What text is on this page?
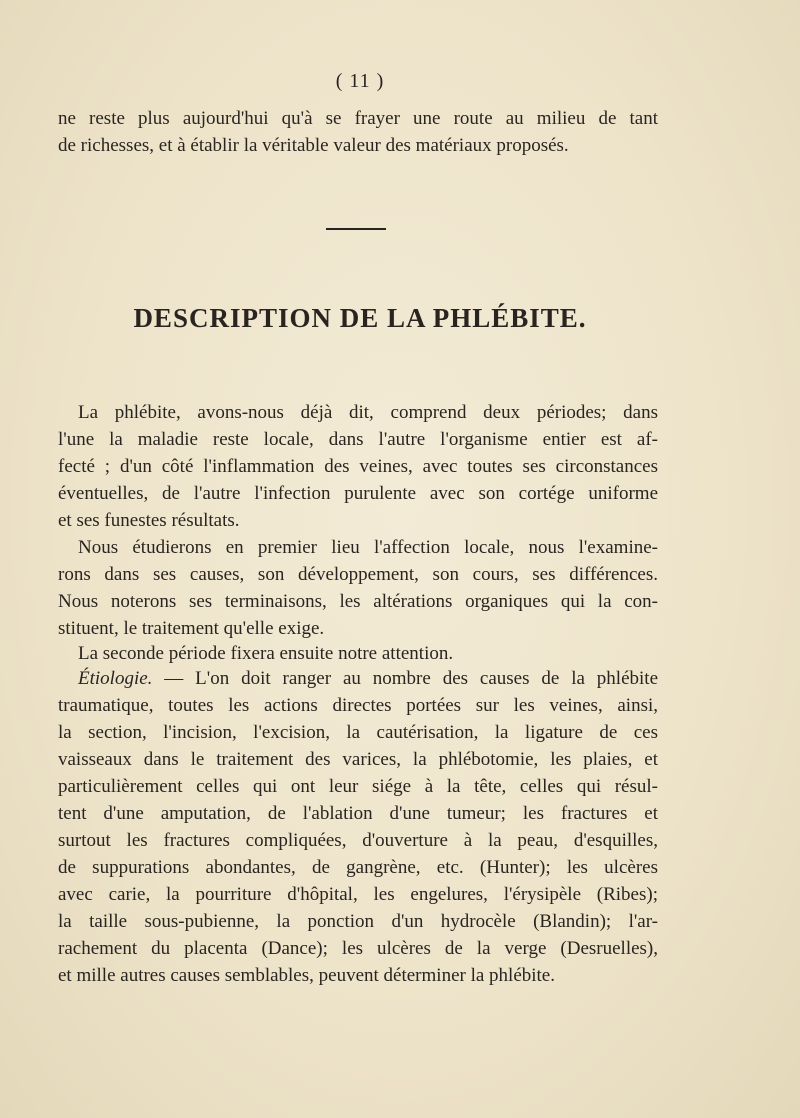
( 11 )
ne reste plus aujourd'hui qu'à se frayer une route au milieu de tant
de richesses, et à établir la véritable valeur des matériaux proposés.
DESCRIPTION DE LA PHLÉBITE.
La phlébite, avons-nous déjà dit, comprend deux périodes; dans
l'une la maladie reste locale, dans l'autre l'organisme entier est af-
fecté ; d'un côté l'inflammation des veines, avec toutes ses circonstances
éventuelles, de l'autre l'infection purulente avec son cortége uniforme
et ses funestes résultats.
Nous étudierons en premier lieu l'affection locale, nous l'examine-
rons dans ses causes, son développement, son cours, ses différences.
Nous noterons ses terminaisons, les altérations organiques qui la con-
stituent, le traitement qu'elle exige.
La seconde période fixera ensuite notre attention.
Étiologie. — L'on doit ranger au nombre des causes de la phlébite
traumatique, toutes les actions directes portées sur les veines, ainsi,
la section, l'incision, l'excision, la cautérisation, la ligature de ces
vaisseaux dans le traitement des varices, la phlébotomie, les plaies, et
particulièrement celles qui ont leur siége à la tête, celles qui résul-
tent d'une amputation, de l'ablation d'une tumeur; les fractures et
surtout les fractures compliquées, d'ouverture à la peau, d'esquilles,
de suppurations abondantes, de gangrène, etc. (Hunter); les ulcères
avec carie, la pourriture d'hôpital, les engelures, l'érysipèle (Ribes);
la taille sous-pubienne, la ponction d'un hydrocèle (Blandin); l'ar-
rachement du placenta (Dance); les ulcères de la verge (Desruelles),
et mille autres causes semblables, peuvent déterminer la phlébite.
